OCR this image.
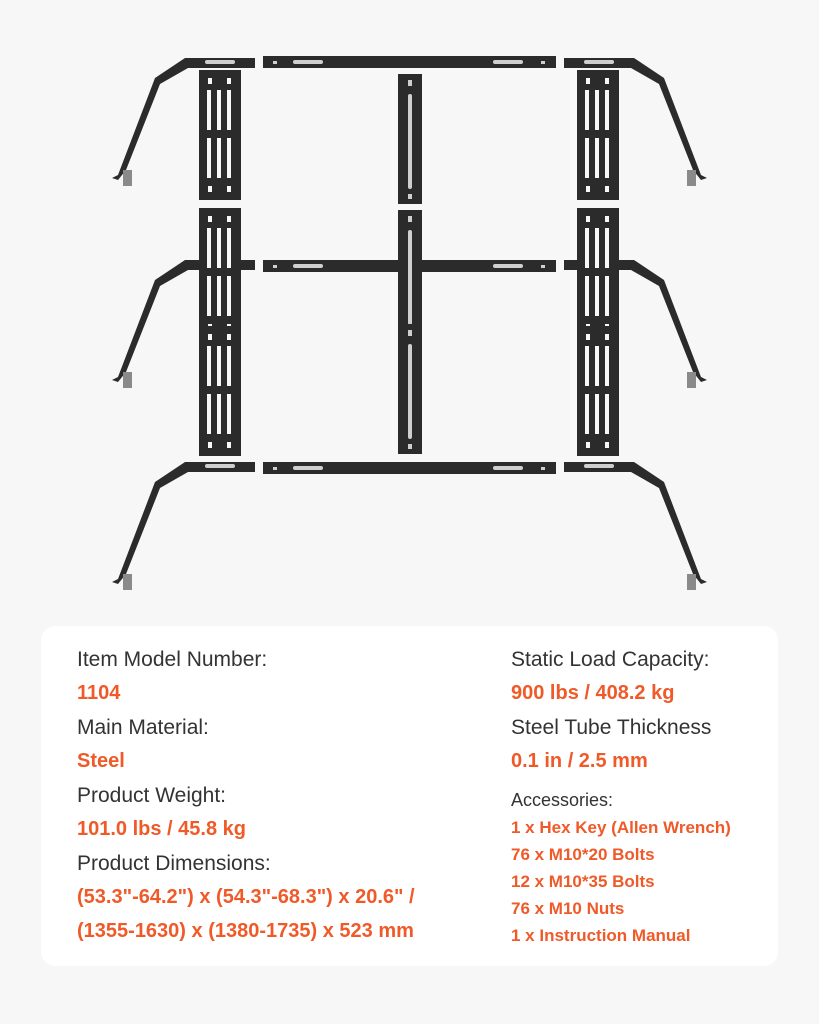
Item Model Number:
1104
Main Material:
Steel
Product Weight:
101.0 lbs / 45.8 kg
Product Dimensions:
(53.3"-64.2") x (54.3"-68.3") x 20.6" /
(1355-1630) x (1380-1735) x 523 mm
Static Load Capacity:
900 lbs / 408.2 kg
Steel Tube Thickness
0.1 in / 2.5 mm
Accessories:
1 x Hex Key (Allen Wrench)
76 x M10*20 Bolts
12 x M10*35 Bolts
76 x M10 Nuts
1 x Instruction Manual
